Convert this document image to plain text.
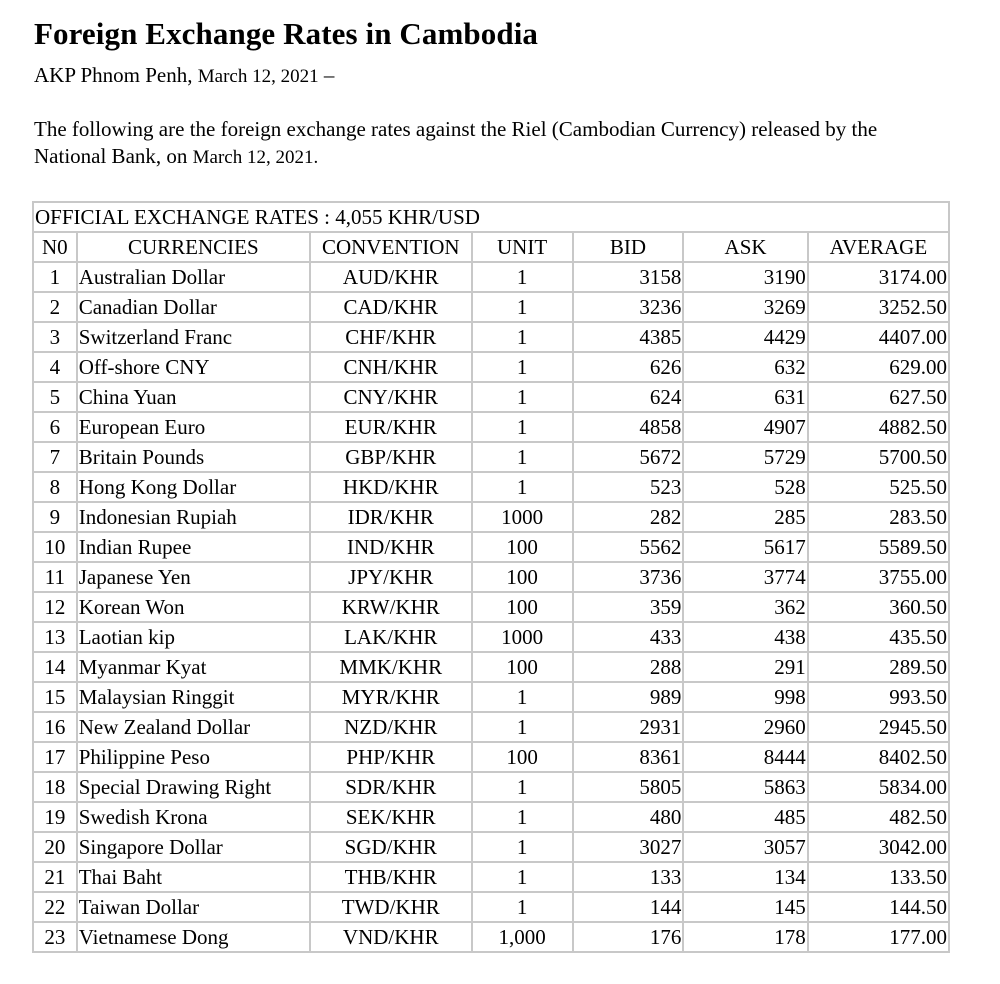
Foreign Exchange Rates in Cambodia
AKP Phnom Penh, March 12, 2021 –
The following are the foreign exchange rates against the Riel (Cambodian Currency) released by the National Bank, on March 12, 2021.
OFFICIAL EXCHANGE RATES : 4,055 KHR/USD						
N0	CURRENCIES	CONVENTION	UNIT	BID	ASK	AVERAGE
1	Australian Dollar	AUD/KHR	1	3158	3190	3174.00
2	Canadian Dollar	CAD/KHR	1	3236	3269	3252.50
3	Switzerland Franc	CHF/KHR	1	4385	4429	4407.00
4	Off-shore CNY	CNH/KHR	1	626	632	629.00
5	China Yuan	CNY/KHR	1	624	631	627.50
6	European Euro	EUR/KHR	1	4858	4907	4882.50
7	Britain Pounds	GBP/KHR	1	5672	5729	5700.50
8	Hong Kong Dollar	HKD/KHR	1	523	528	525.50
9	Indonesian Rupiah	IDR/KHR	1000	282	285	283.50
10	Indian Rupee	IND/KHR	100	5562	5617	5589.50
11	Japanese Yen	JPY/KHR	100	3736	3774	3755.00
12	Korean Won	KRW/KHR	100	359	362	360.50
13	Laotian kip	LAK/KHR	1000	433	438	435.50
14	Myanmar Kyat	MMK/KHR	100	288	291	289.50
15	Malaysian Ringgit	MYR/KHR	1	989	998	993.50
16	New Zealand Dollar	NZD/KHR	1	2931	2960	2945.50
17	Philippine Peso	PHP/KHR	100	8361	8444	8402.50
18	Special Drawing Right	SDR/KHR	1	5805	5863	5834.00
19	Swedish Krona	SEK/KHR	1	480	485	482.50
20	Singapore Dollar	SGD/KHR	1	3027	3057	3042.00
21	Thai Baht	THB/KHR	1	133	134	133.50
22	Taiwan Dollar	TWD/KHR	1	144	145	144.50
23	Vietnamese Dong	VND/KHR	1,000	176	178	177.00
